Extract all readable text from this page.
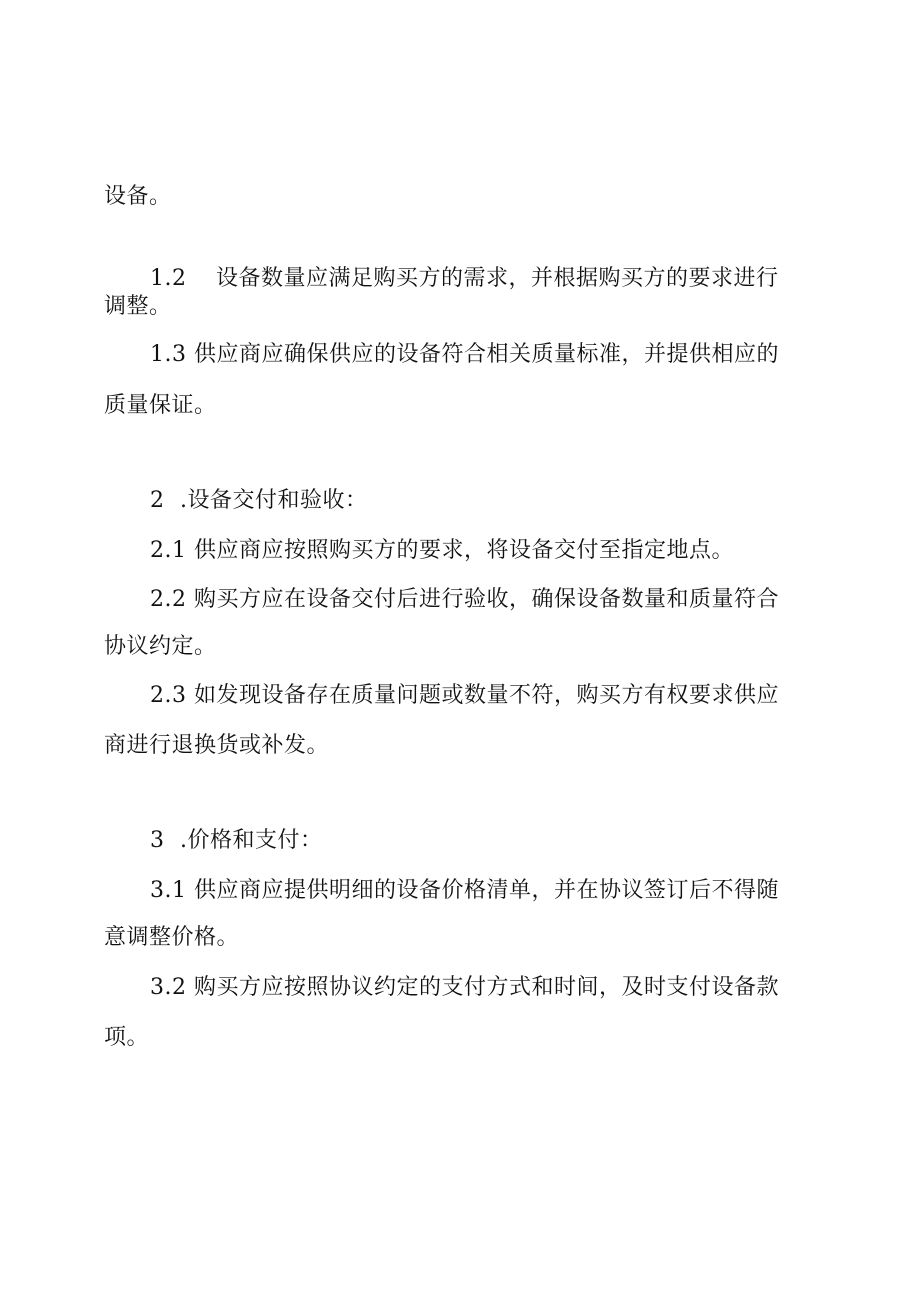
设备。
1.2 设备数量应满足购买方的需求，并根据购买方的要求进行
调整。
1.3 供应商应确保供应的设备符合相关质量标准，并提供相应的
质量保证。
2 .设备交付和验收：
2.1 供应商应按照购买方的要求，将设备交付至指定地点。
2.2 购买方应在设备交付后进行验收，确保设备数量和质量符合
协议约定。
2.3 如发现设备存在质量问题或数量不符，购买方有权要求供应
商进行退换货或补发。
3 .价格和支付：
3.1 供应商应提供明细的设备价格清单，并在协议签订后不得随
意调整价格。
3.2 购买方应按照协议约定的支付方式和时间，及时支付设备款
项。
